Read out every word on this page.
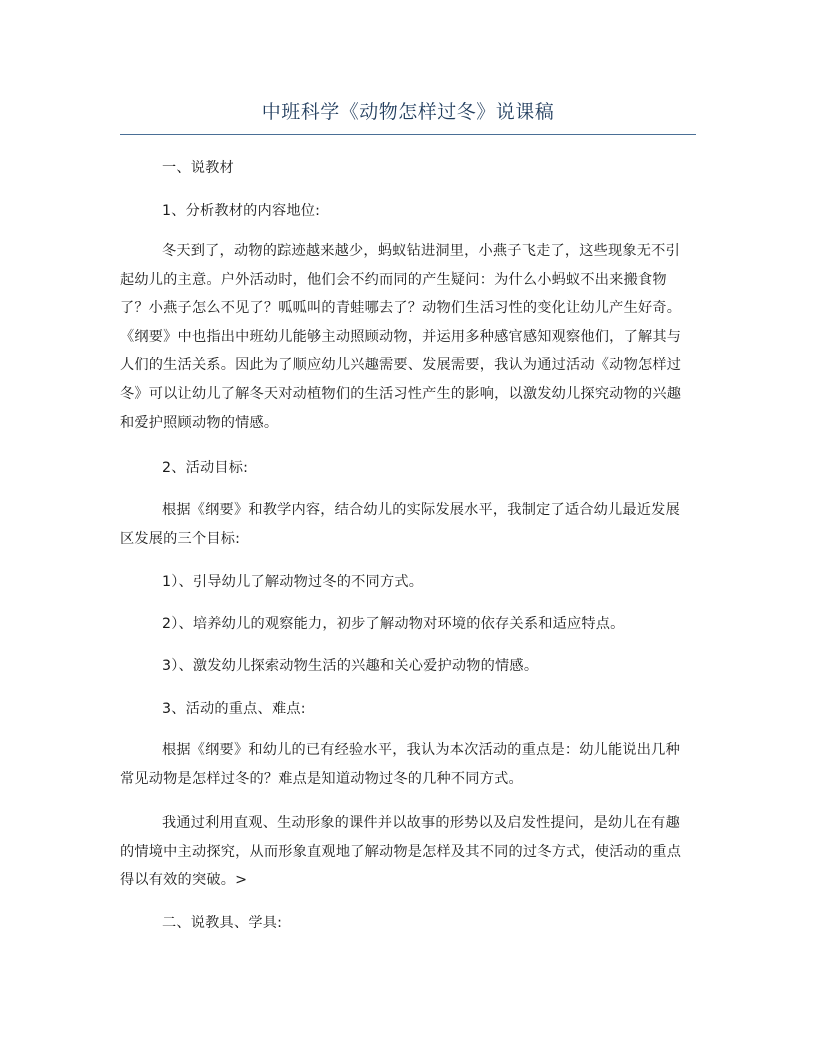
中班科学《动物怎样过冬》说课稿

一、说教材

1、分析教材的内容地位:

冬天到了，动物的踪迹越来越少，蚂蚁钻进洞里，小燕子飞走了，这些现象无不引
起幼儿的主意。户外活动时，他们会不约而同的产生疑问：为什么小蚂蚁不出来搬食物
了？小燕子怎么不见了？呱呱叫的青蛙哪去了？动物们生活习性的变化让幼儿产生好奇。
《纲要》中也指出中班幼儿能够主动照顾动物，并运用多种感官感知观察他们，了解其与
人们的生活关系。因此为了顺应幼儿兴趣需要、发展需要，我认为通过活动《动物怎样过
冬》可以让幼儿了解冬天对动植物们的生活习性产生的影响，以激发幼儿探究动物的兴趣
和爱护照顾动物的情感。

2、活动目标:

根据《纲要》和教学内容，结合幼儿的实际发展水平，我制定了适合幼儿最近发展
区发展的三个目标:

1）、引导幼儿了解动物过冬的不同方式。

2）、培养幼儿的观察能力，初步了解动物对环境的依存关系和适应特点。

3）、激发幼儿探索动物生活的兴趣和关心爱护动物的情感。

3、活动的重点、难点:

根据《纲要》和幼儿的已有经验水平，我认为本次活动的重点是：幼儿能说出几种
常见动物是怎样过冬的？难点是知道动物过冬的几种不同方式。
我通过利用直观、生动形象的课件并以故事的形势以及启发性提问，是幼儿在有趣
的情境中主动探究，从而形象直观地了解动物是怎样及其不同的过冬方式，使活动的重点
得以有效的突破。>

二、说教具、学具:
